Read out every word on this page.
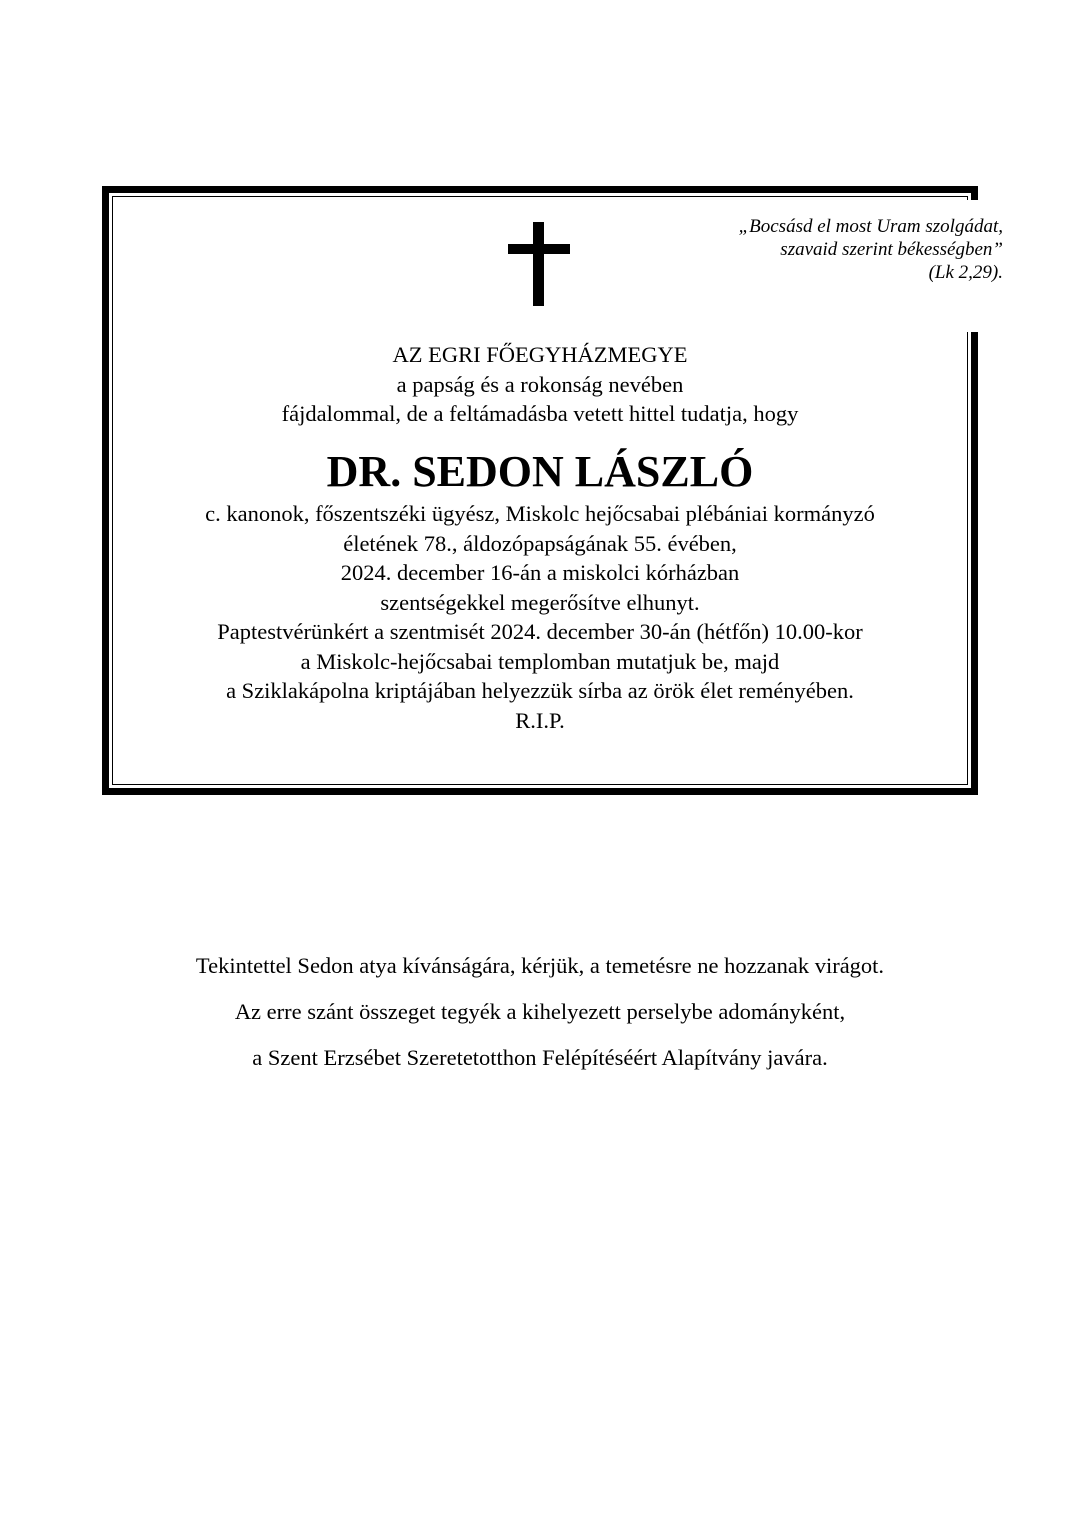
„Bocsásd el most Uram szolgádat,
szavaid szerint békességben”
(Lk 2,29).
AZ EGRI FŐEGYHÁZMEGYE
a papság és a rokonság nevében
fájdalommal, de a feltámadásba vetett hittel tudatja, hogy
DR. SEDON LÁSZLÓ
c. kanonok, főszentszéki ügyész, Miskolc hejőcsabai plébániai kormányzó
életének 78., áldozópapságának 55. évében,
2024. december 16-án a miskolci kórházban
szentségekkel megerősítve elhunyt.
Paptestvérünkért a szentmisét 2024. december 30-án (hétfőn) 10.00-kor
a Miskolc-hejőcsabai templomban mutatjuk be, majd
a Sziklakápolna kriptájában helyezzük sírba az örök élet reményében.
R.I.P.
Tekintettel Sedon atya kívánságára, kérjük, a temetésre ne hozzanak virágot.
Az erre szánt összeget tegyék a kihelyezett perselybe adományként,
a Szent Erzsébet Szeretetotthon Felépítéséért Alapítvány javára.
